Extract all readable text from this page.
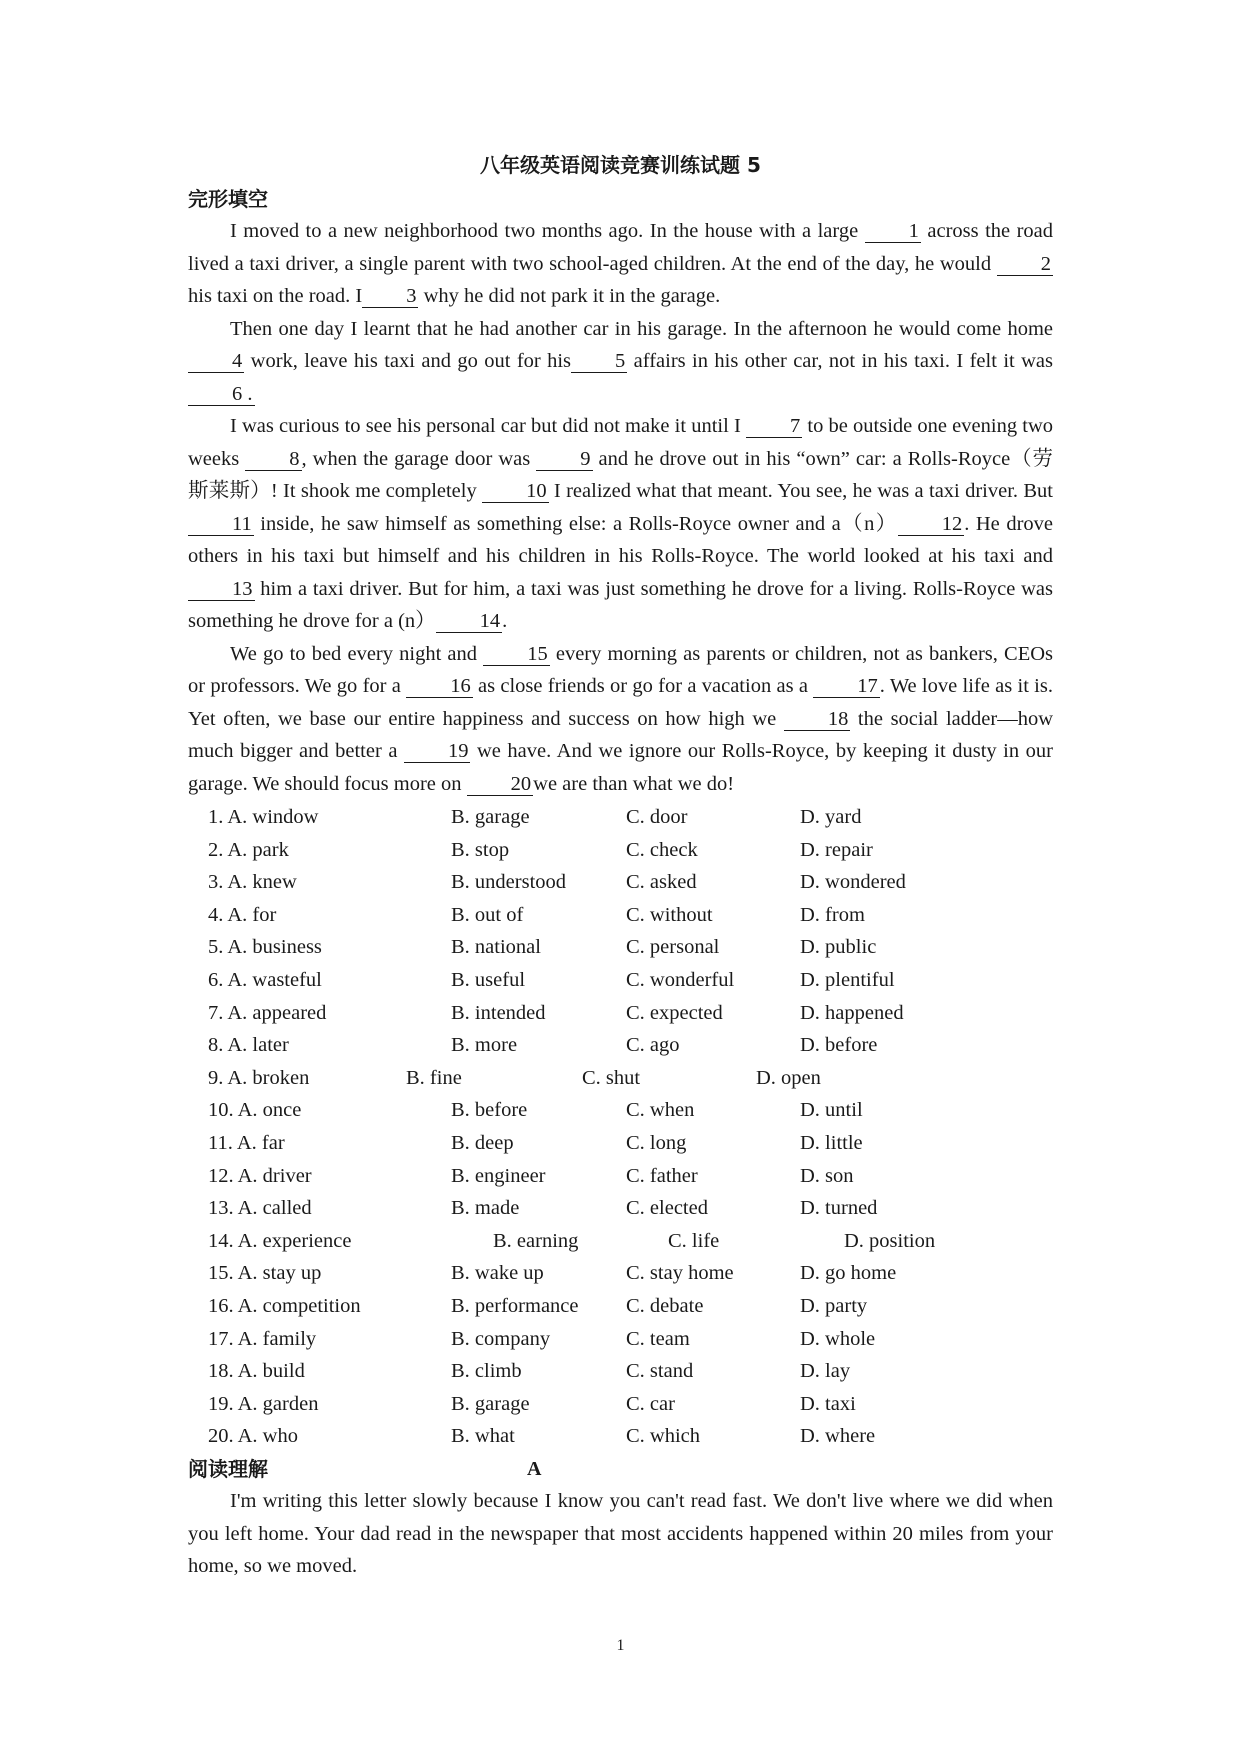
八年级英语阅读竞赛训练试题 5
完形填空

I moved to a new neighborhood two months ago. In the house with a large 1 across the road lived a taxi driver, a single parent with two school-aged children. At the end of the day, he would 2 his taxi on the road. I 3 why he did not park it in the garage.

Then one day I learnt that he had another car in his garage. In the afternoon he would come home4 work, leave his taxi and go out for his 5 affairs in his other car, not in his taxi. I felt it was 6 .

I was curious to see his personal car but did not make it until I 7 to be outside one evening two weeks 8, when the garage door was 9 and he drove out in his “own” car: a Rolls-Royce（劳斯莱斯）! It shook me completely 10 I realized what that meant. You see, he was a taxi driver. But 11 inside, he saw himself as something else: a Rolls-Royce owner and a（n） 12. He drove others in his taxi but himself and his children in his Rolls-Royce. The world looked at his taxi and 13 him a taxi driver. But for him, a taxi was just something he drove for a living. Rolls-Royce was something he drove for a (n） 14.

We go to bed every night and 15 every morning as parents or children, not as bankers, CEOs or professors. We go for a 16 as close friends or go for a vacation as a 17. We love life as it is. Yet often, we base our entire happiness and success on how high we 18 the social ladder—how much bigger and better a 19 we have. And we ignore our Rolls-Royce, by keeping it dusty in our garage. We should focus more on 20we are than what we do!

1. A. window	B. garage	C. door	D. yard
2. A. park	B. stop	C. check	D. repair
3. A. knew	B. understood	C. asked	D. wondered
4. A. for	B. out of	C. without	D. from
5. A. business	B. national	C. personal	D. public
6. A. wasteful	B. useful	C. wonderful	D. plentiful
7. A. appeared	B. intended	C. expected	D. happened
8. A. later	B. more	C. ago	D. before
9. A. broken	B. fine	C. shut	D. open
10. A. once	B. before	C. when	D. until
11. A. far	B. deep	C. long	D. little
12. A. driver	B. engineer	C. father	D. son
13. A. called	B. made	C. elected	D. turned
14. A. experience	B. earning	C. life	D. position
15. A. stay up	B. wake up	C. stay home	D. go home
16. A. competition	B. performance C. debate	D. party
17. A. family	B. company	C. team	D. whole
18. A. build	B. climb	C. stand	D. lay
19. A. garden	B. garage	C. car	D. taxi
20. A. who	B. what	C. which	D. where
阅读理解	A

I'm writing this letter slowly because I know you can't read fast. We don't live where we did when you left home. Your dad read in the newspaper that most accidents happened within 20 miles from your home, so we moved.

1
